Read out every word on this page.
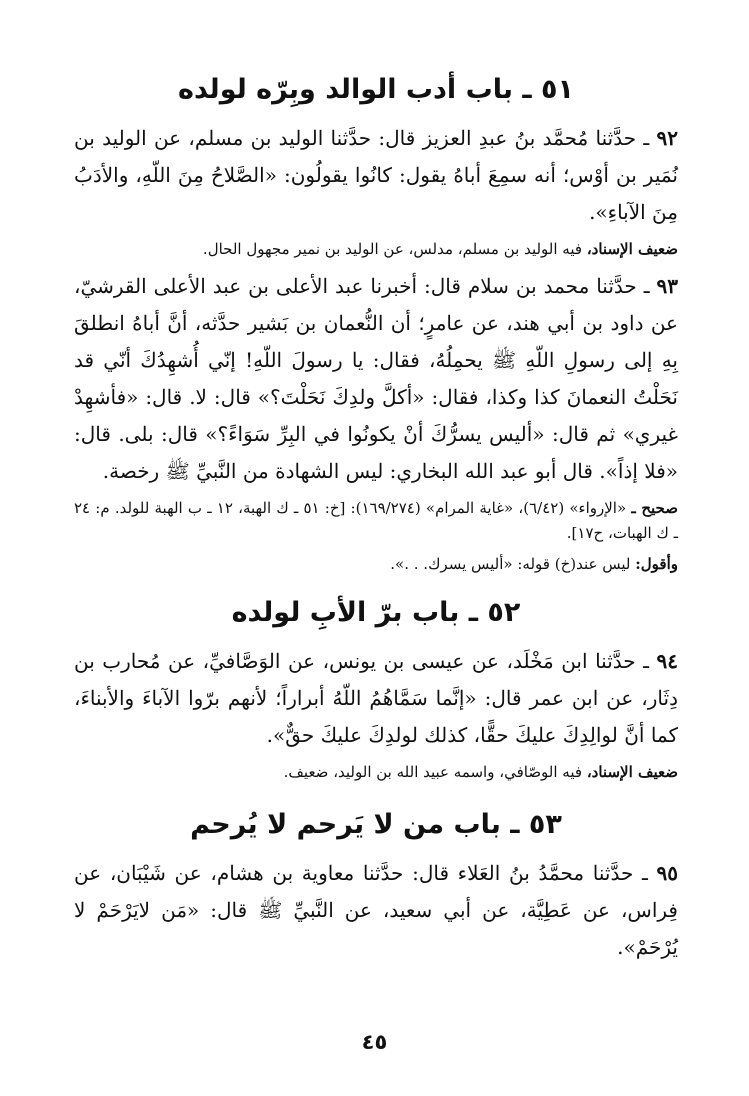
٥١ ـ باب أدب الوالد وبِرّه لولده

٩٢ ـ حدَّثنا مُحمَّد بنُ عبدِ العزيز قال: حدَّثنا الوليد بن مسلم، عن الوليد بن نُمَير بن أوْس؛ أنه سمِعَ أباهُ يقول: كانُوا يقولُون: «الصَّلاحُ مِنَ اللّهِ، والأدَبُ مِنَ الآباءِ».

ضعيف الإسناد، فيه الوليد بن مسلم، مدلس، عن الوليد بن نمير مجهول الحال.

٩٣ ـ حدَّثنا محمد بن سلام قال: أخبرنا عبد الأعلى بن عبد الأعلى القرشيّ، عن داود بن أبي هند، عن عامرٍ؛ أن النُّعمان بن بَشير حدَّثه، أنَّ أباهُ انطلقَ بِهِ إلى رسولِ اللّهِ ﷺ يحمِلُهُ، فقال: يا رسولَ اللّهِ! إنّي أُشهِدُكَ أنّي قد نَحَلْتُ النعمانَ كذا وكذا، فقال: «أكلَّ ولدِكَ نَحَلْتَ؟» قال: لا. قال: «فأشهِدْ غيري» ثم قال: «أليس يسرُّكَ أنْ يكونُوا في البِرِّ سَوَاءً؟» قال: بلى. قال: «فلا إذاً». قال أبو عبد الله البخاري: ليس الشهادة من النَّبيِّ ﷺ رخصة.

صحيح ـ «الإرواء» (٦/٤٢)، «غاية المرام» (١٦٩/٢٧٤): [خ: ٥١ ـ ك الهبة، ١٢ ـ ب الهبة للولد. م: ٢٤ ـ ك الهبات، ح١٧].

وأقول: ليس عند(خ) قوله: «أليس يسرك. . .».

٥٢ ـ باب برّ الأبِ لولده

٩٤ ـ حدَّثنا ابن مَخْلَد، عن عيسى بن يونس، عن الوَصَّافيِّ، عن مُحارب بن دِثَار، عن ابن عمر قال: «إنَّما سَمَّاهُمُ اللّهُ أبراراً؛ لأنهم برّوا الآباءَ والأبناءَ، كما أنَّ لوالِدِكَ عليكَ حقًّا، كذلك لولدِكَ عليكَ حقٌّ».

ضعيف الإسناد، فيه الوصّافي، واسمه عبيد الله بن الوليد، ضعيف.

٥٣ ـ باب من لا يَرحم لا يُرحم

٩٥ ـ حدَّثنا محمَّدُ بنُ العَلاء قال: حدَّثنا معاوية بن هشام، عن شَيْبَان، عن فِراس، عن عَطِيَّة، عن أبي سعيد، عن النَّبيِّ ﷺ قال: «مَن لايَرْحَمْ لا يُرْحَمْ».

٤٥
